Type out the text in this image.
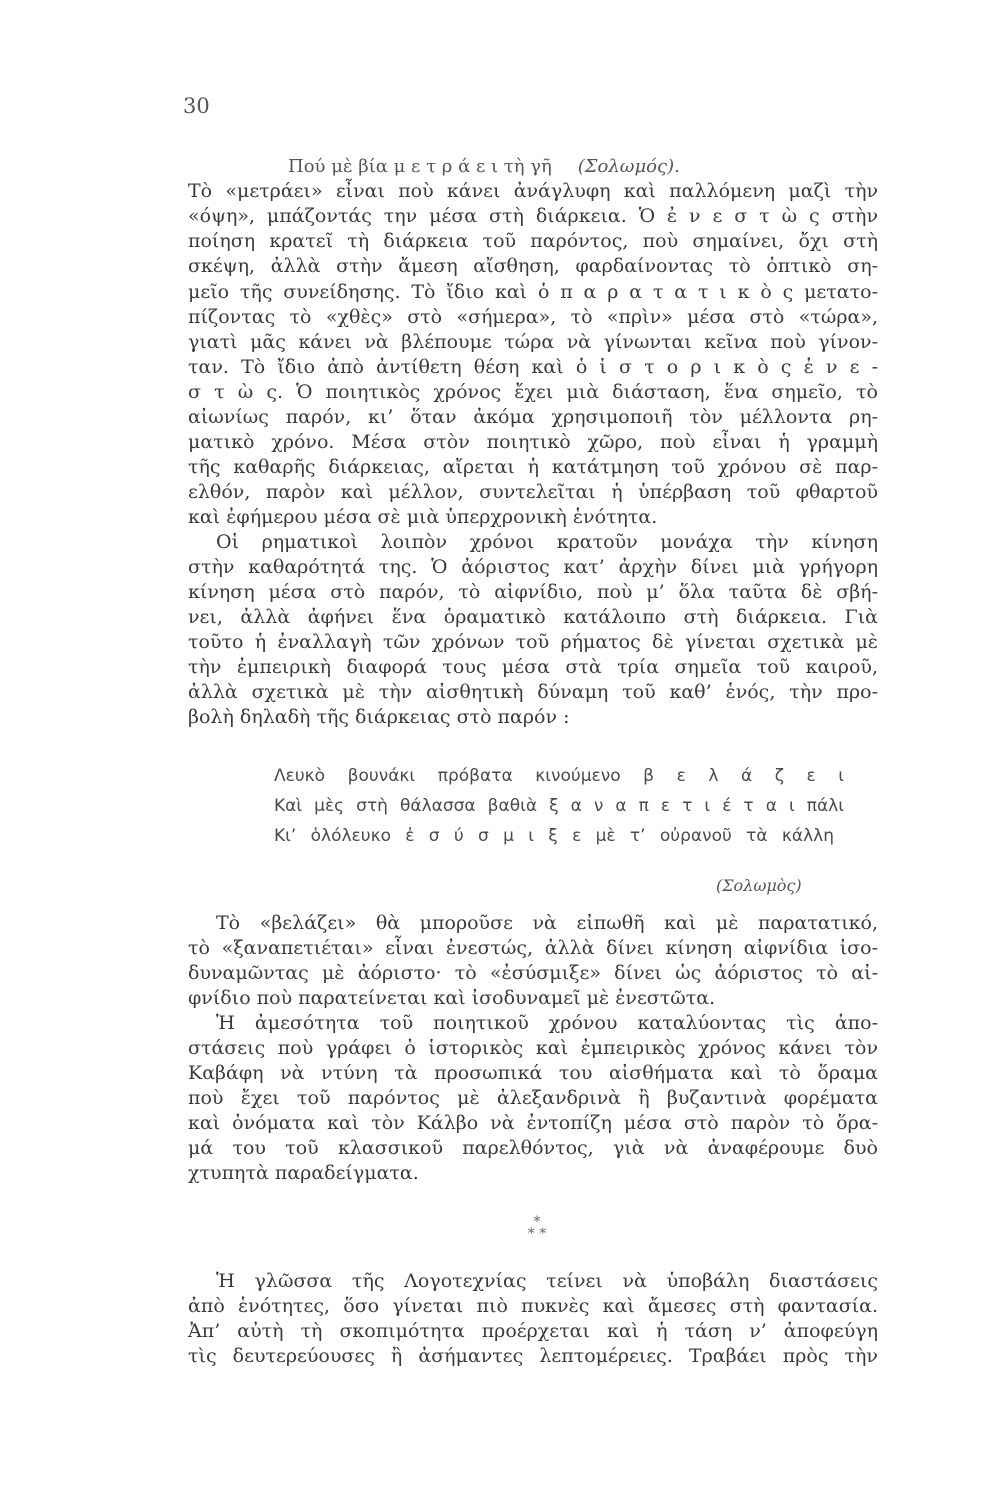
30
Πού μὲ βία μ ε τ ρ ά ε ι τὴ γῆ (Σολωμός).
Τὸ «μετράει» εἶναι ποὺ κάνει ἀνάγλυφη καὶ παλλόμενη μαζὶ τὴν
«όψη», μπάζοντάς την μέσα στὴ διάρκεια. Ὁ ἐ ν ε σ τ ὼ ς στὴν
ποίηση κρατεῖ τὴ διάρκεια τοῦ παρόντος, ποὺ σημαίνει, ὄχι στὴ
σκέψη, ἀλλὰ στὴν ἄμεση αἴσθηση, φαρδαίνοντας τὸ ὀπτικὸ ση-
μεῖο τῆς συνείδησης. Τὸ ἴδιο καὶ ὁ π α ρ α τ α τ ι κ ὸ ς μετατο-
πίζοντας τὸ «χθὲς» στὸ «σήμερα», τὸ «πρὶν» μέσα στὸ «τώρα»,
γιατὶ μᾶς κάνει νὰ βλέπουμε τώρα νὰ γίνωνται κεῖνα ποὺ γίνον-
ταν. Τὸ ἴδιο ἀπὸ ἀντίθετη θέση καὶ ὁ ἱ σ τ ο ρ ι κ ὸ ς ἐ ν ε -
σ τ ὼ ς. Ὁ ποιητικὸς χρόνος ἔχει μιὰ διάσταση, ἕνα σημεῖο, τὸ
αἰωνίως παρόν, κι’ ὅταν ἀκόμα χρησιμοποιῆ τὸν μέλλοντα ρη-
ματικὸ χρόνο. Μέσα στὸν ποιητικὸ χῶρο, ποὺ εἶναι ἡ γραμμὴ
τῆς καθαρῆς διάρκειας, αἴρεται ἡ κατάτμηση τοῦ χρόνου σὲ παρ-
ελθόν, παρὸν καὶ μέλλον, συντελεῖται ἡ ὑπέρβαση τοῦ φθαρτοῦ
καὶ ἐφήμερου μέσα σὲ μιὰ ὑπερχρονικὴ ἑνότητα.
Οἱ ρηματικοὶ λοιπὸν χρόνοι κρατοῦν μονάχα τὴν κίνηση
στὴν καθαρότητά της. Ὁ ἀόριστος κατ’ ἀρχὴν δίνει μιὰ γρήγορη
κίνηση μέσα στὸ παρόν, τὸ αἰφνίδιο, ποὺ μ’ ὅλα ταῦτα δὲ σβή-
νει, ἀλλὰ ἀφήνει ἕνα ὁραματικὸ κατάλοιπο στὴ διάρκεια. Γιὰ
τοῦτο ἡ ἐναλλαγὴ τῶν χρόνων τοῦ ρήματος δὲ γίνεται σχετικὰ μὲ
τὴν ἐμπειρικὴ διαφορά τους μέσα στὰ τρία σημεῖα τοῦ καιροῦ,
ἀλλὰ σχετικὰ μὲ τὴν αἰσθητικὴ δύναμη τοῦ καθ’ ἑνός, τὴν προ-
βολὴ δηλαδὴ τῆς διάρκειας στὸ παρόν :
Λευκὸ βουνάκι πρόβατα κινούμενο β ε λ ά ζ ε ι
Καὶ μὲς στὴ θάλασσα βαθιὰ ξ α ν α π ε τ ι έ τ α ι πάλι
Κι’ ὁλόλευκο ἐ σ ύ σ μ ι ξ ε μὲ τ’ οὐρανοῦ τὰ κάλλη
(Σολωμὸς)
Τὸ «βελάζει» θὰ μποροῦσε νὰ εἰπωθῆ καὶ μὲ παρατατικό,
τὸ «ξαναπετιέται» εἶναι ἐνεστώς, ἀλλὰ δίνει κίνηση αἰφνίδια ἰσο-
δυναμῶντας μὲ ἀόριστο· τὸ «ἐσύσμιξε» δίνει ὡς ἀόριστος τὸ αἰ-
φνίδιο ποὺ παρατείνεται καὶ ἰσοδυναμεῖ μὲ ἐνεστῶτα.
Ἡ ἀμεσότητα τοῦ ποιητικοῦ χρόνου καταλύοντας τὶς ἀπο-
στάσεις ποὺ γράφει ὁ ἱστορικὸς καὶ ἐμπειρικὸς χρόνος κάνει τὸν
Καβάφη νὰ ντύνη τὰ προσωπικά του αἰσθήματα καὶ τὸ ὅραμα
ποὺ ἔχει τοῦ παρόντος μὲ ἀλεξανδρινὰ ἢ βυζαντινὰ φορέματα
καὶ ὀνόματα καὶ τὸν Κάλβο νὰ ἐντοπίζη μέσα στὸ παρὸν τὸ ὅρα-
μά του τοῦ κλασσικοῦ παρελθόντος, γιὰ νὰ ἀναφέρουμε δυὸ
χτυπητὰ παραδείγματα.
*
* *
Ἡ γλῶσσα τῆς Λογοτεχνίας τείνει νὰ ὑποβάλη διαστάσεις
ἀπὸ ἑνότητες, ὅσο γίνεται πιὸ πυκνὲς καὶ ἄμεσες στὴ φαντασία.
Ἀπ’ αὐτὴ τὴ σκοπιμότητα προέρχεται καὶ ἡ τάση ν’ ἀποφεύγη
τὶς δευτερεύουσες ἢ ἀσήμαντες λεπτομέρειες. Τραβάει πρὸς τὴν
